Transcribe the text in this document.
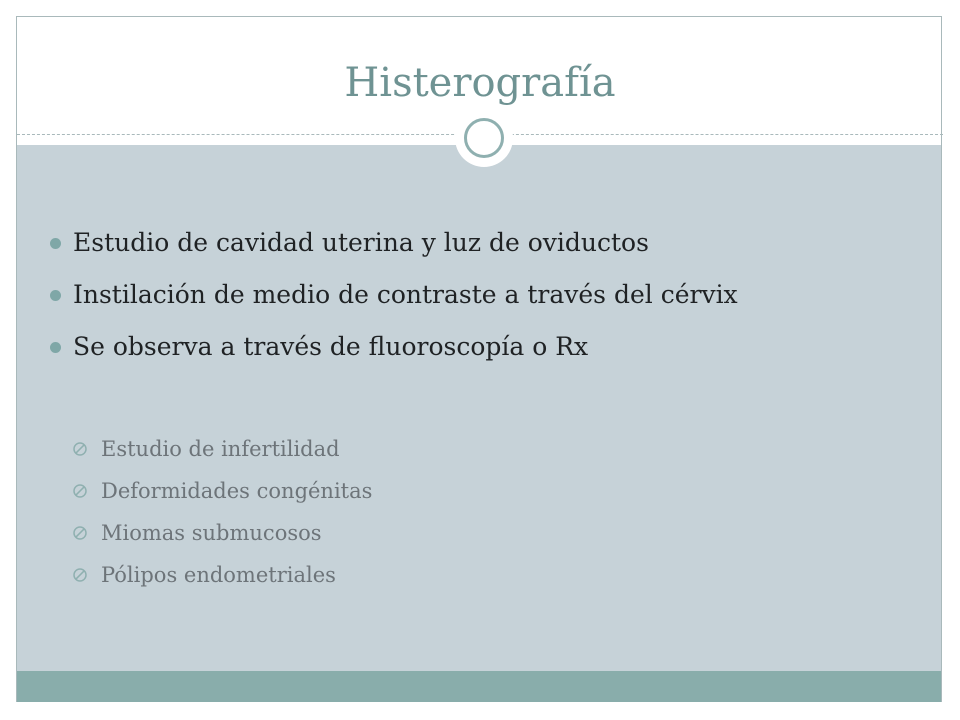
Histerografía
Estudio de cavidad uterina y luz de oviductos
Instilación de medio de contraste a través del cérvix
Se observa a través de fluoroscopía o Rx
Estudio de infertilidad
Deformidades congénitas
Miomas submucosos
Pólipos endometriales
